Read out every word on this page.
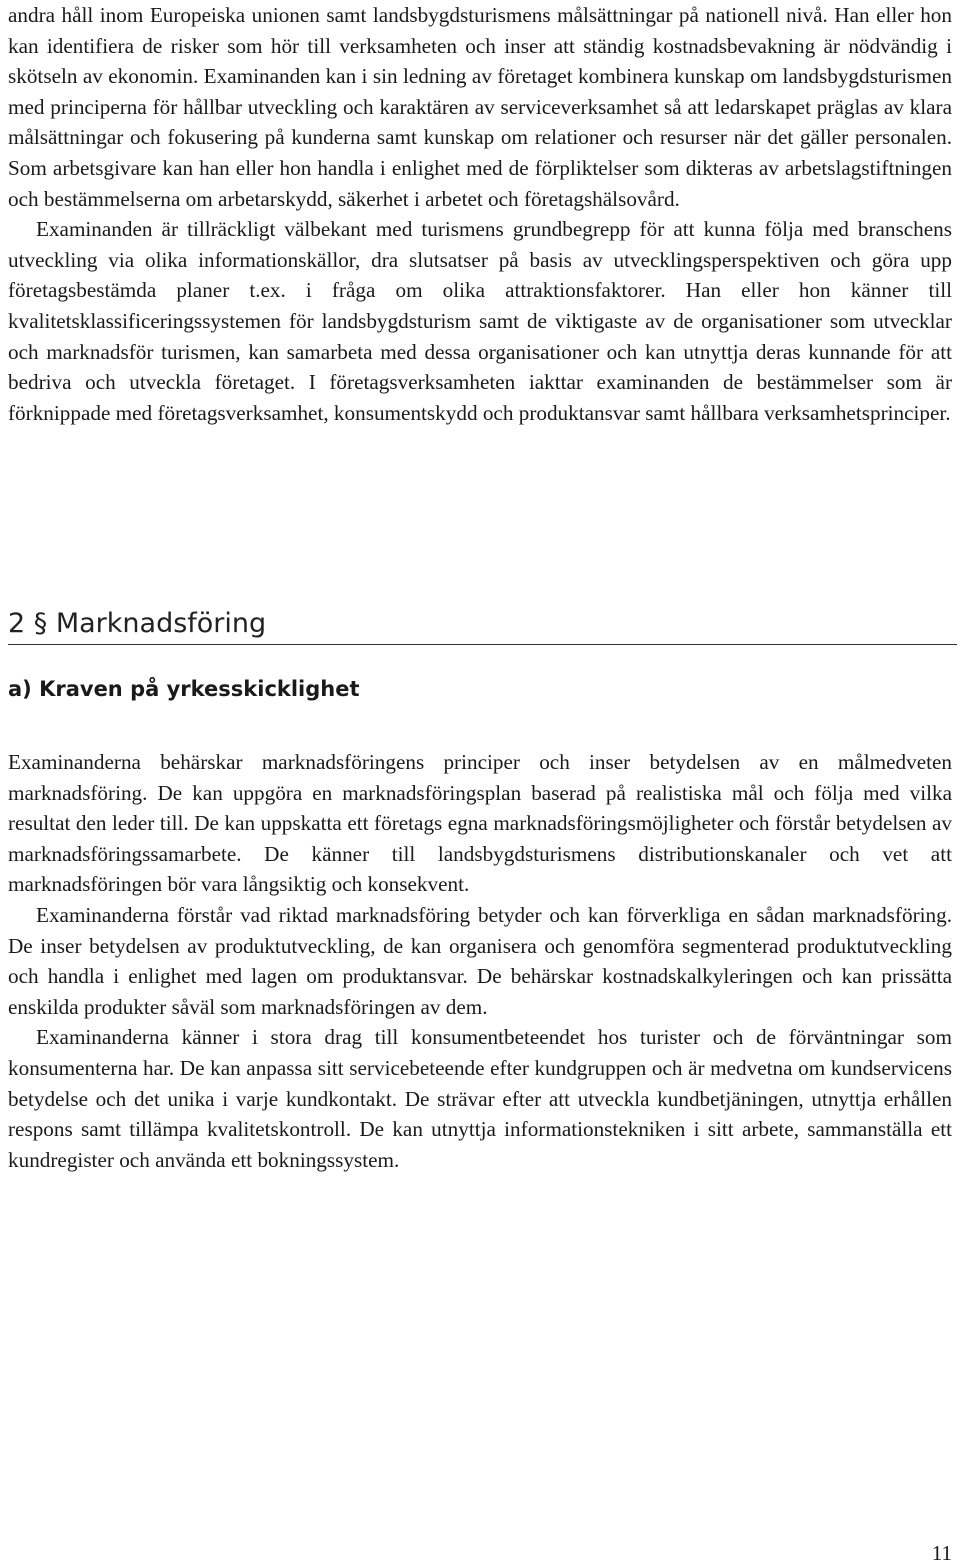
andra håll inom Europeiska unionen samt landsbygdsturismens målsättningar på nationell nivå. Han eller hon kan identifiera de risker som hör till verksamheten och inser att ständig kostnadsbevakning är nödvändig i skötseln av ekonomin. Examinanden kan i sin ledning av företaget kombinera kunskap om landsbygdsturismen med principerna för hållbar utveckling och karaktären av serviceverksamhet så att ledarskapet präglas av klara målsättningar och fokusering på kunderna samt kunskap om relationer och resurser när det gäller personalen. Som arbetsgivare kan han eller hon handla i enlighet med de förpliktelser som dikteras av arbetslagstiftningen och bestämmelserna om arbetarskydd, säkerhet i arbetet och företagshälsovård.

Examinanden är tillräckligt välbekant med turismens grundbegrepp för att kunna följa med branschens utveckling via olika informationskällor, dra slutsatser på basis av utvecklingsperspektiven och göra upp företagsbestämda planer t.ex. i fråga om olika attraktionsfaktorer. Han eller hon känner till kvalitetsklassificeringssystemen för landsbygdsturism samt de viktigaste av de organisationer som utvecklar och marknadsför turismen, kan samarbeta med dessa organisationer och kan utnyttja deras kunnande för att bedriva och utveckla företaget. I företagsverksamheten iakttar examinanden de bestämmelser som är förknippade med företagsverksamhet, konsumentskydd och produktansvar samt hållbara verksamhetsprinciper.

2 § Marknadsföring
a) Kraven på yrkesskicklighet

Examinanderna behärskar marknadsföringens principer och inser betydelsen av en målmedveten marknadsföring. De kan uppgöra en marknadsföringsplan baserad på realistiska mål och följa med vilka resultat den leder till. De kan uppskatta ett företags egna marknadsföringsmöjligheter och förstår betydelsen av marknadsföringssamarbete. De känner till landsbygdsturismens distributionskanaler och vet att marknadsföringen bör vara långsiktig och konsekvent.

Examinanderna förstår vad riktad marknadsföring betyder och kan förverkliga en sådan marknadsföring. De inser betydelsen av produktutveckling, de kan organisera och genomföra segmenterad produktutveckling och handla i enlighet med lagen om produktansvar. De behärskar kostnadskalkyleringen och kan prissätta enskilda produkter såväl som marknadsföringen av dem.

Examinanderna känner i stora drag till konsumentbeteendet hos turister och de förväntningar som konsumenterna har. De kan anpassa sitt servicebeteende efter kundgruppen och är medvetna om kundservicens betydelse och det unika i varje kundkontakt. De strävar efter att utveckla kundbetjäningen, utnyttja erhållen respons samt tillämpa kvalitetskontroll. De kan utnyttja informationstekniken i sitt arbete, sammanställa ett kundregister och använda ett bokningssystem.

11
